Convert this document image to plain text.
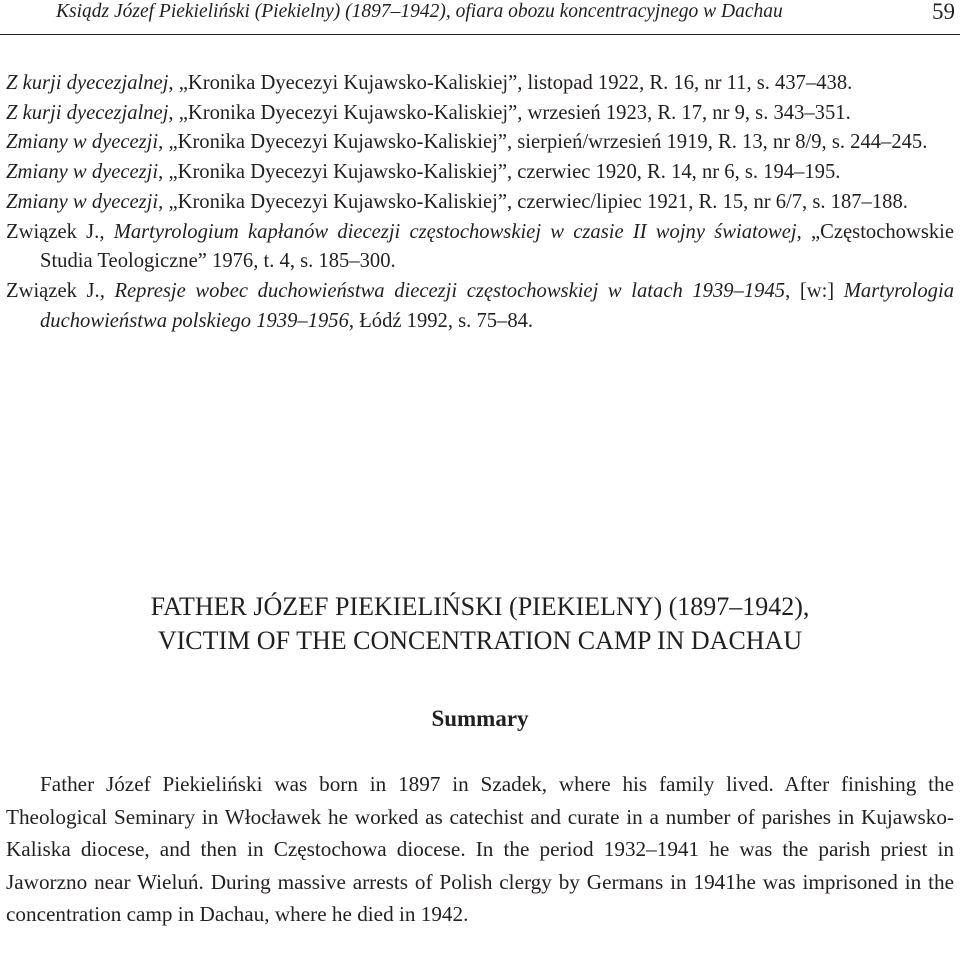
Ksiądz Józef Piekieliński (Piekielny) (1897–1942), ofiara obozu koncentracyjnego w Dachau	59
Z kurji dyecezjalnej, „Kronika Dyecezyi Kujawsko-Kaliskiej”, listopad 1922, R. 16, nr 11, s. 437–438.
Z kurji dyecezjalnej, „Kronika Dyecezyi Kujawsko-Kaliskiej”, wrzesień 1923, R. 17, nr 9, s. 343–351.
Zmiany w dyecezji, „Kronika Dyecezyi Kujawsko-Kaliskiej”, sierpień/wrzesień 1919, R. 13, nr 8/9, s. 244–245.
Zmiany w dyecezji, „Kronika Dyecezyi Kujawsko-Kaliskiej”, czerwiec 1920, R. 14, nr 6, s. 194–195.
Zmiany w dyecezji, „Kronika Dyecezyi Kujawsko-Kaliskiej”, czerwiec/lipiec 1921, R. 15, nr 6/7, s. 187–188.
Związek J., Martyrologium kapłanów diecezji częstochowskiej w czasie II wojny światowej, „Częstochowskie Studia Teologiczne” 1976, t. 4, s. 185–300.
Związek J., Represje wobec duchowieństwa diecezji częstochowskiej w latach 1939–1945, [w:] Martyrologia duchowieństwa polskiego 1939–1956, Łódź 1992, s. 75–84.
FATHER JÓZEF PIEKIELIŃSKI (PIEKIELNY) (1897–1942),
VICTIM OF THE CONCENTRATION CAMP IN DACHAU
Summary
Father Józef Piekieliński was born in 1897 in Szadek, where his family lived. After finishing the Theological Seminary in Włocławek he worked as catechist and curate in a number of parishes in Kujawsko-Kaliska diocese, and then in Częstochowa diocese. In the period 1932–1941 he was the parish priest in Jaworzno near Wieluń. During massive arrests of Polish clergy by Germans in 1941he was imprisoned in the concentration camp in Dachau, where he died in 1942.
